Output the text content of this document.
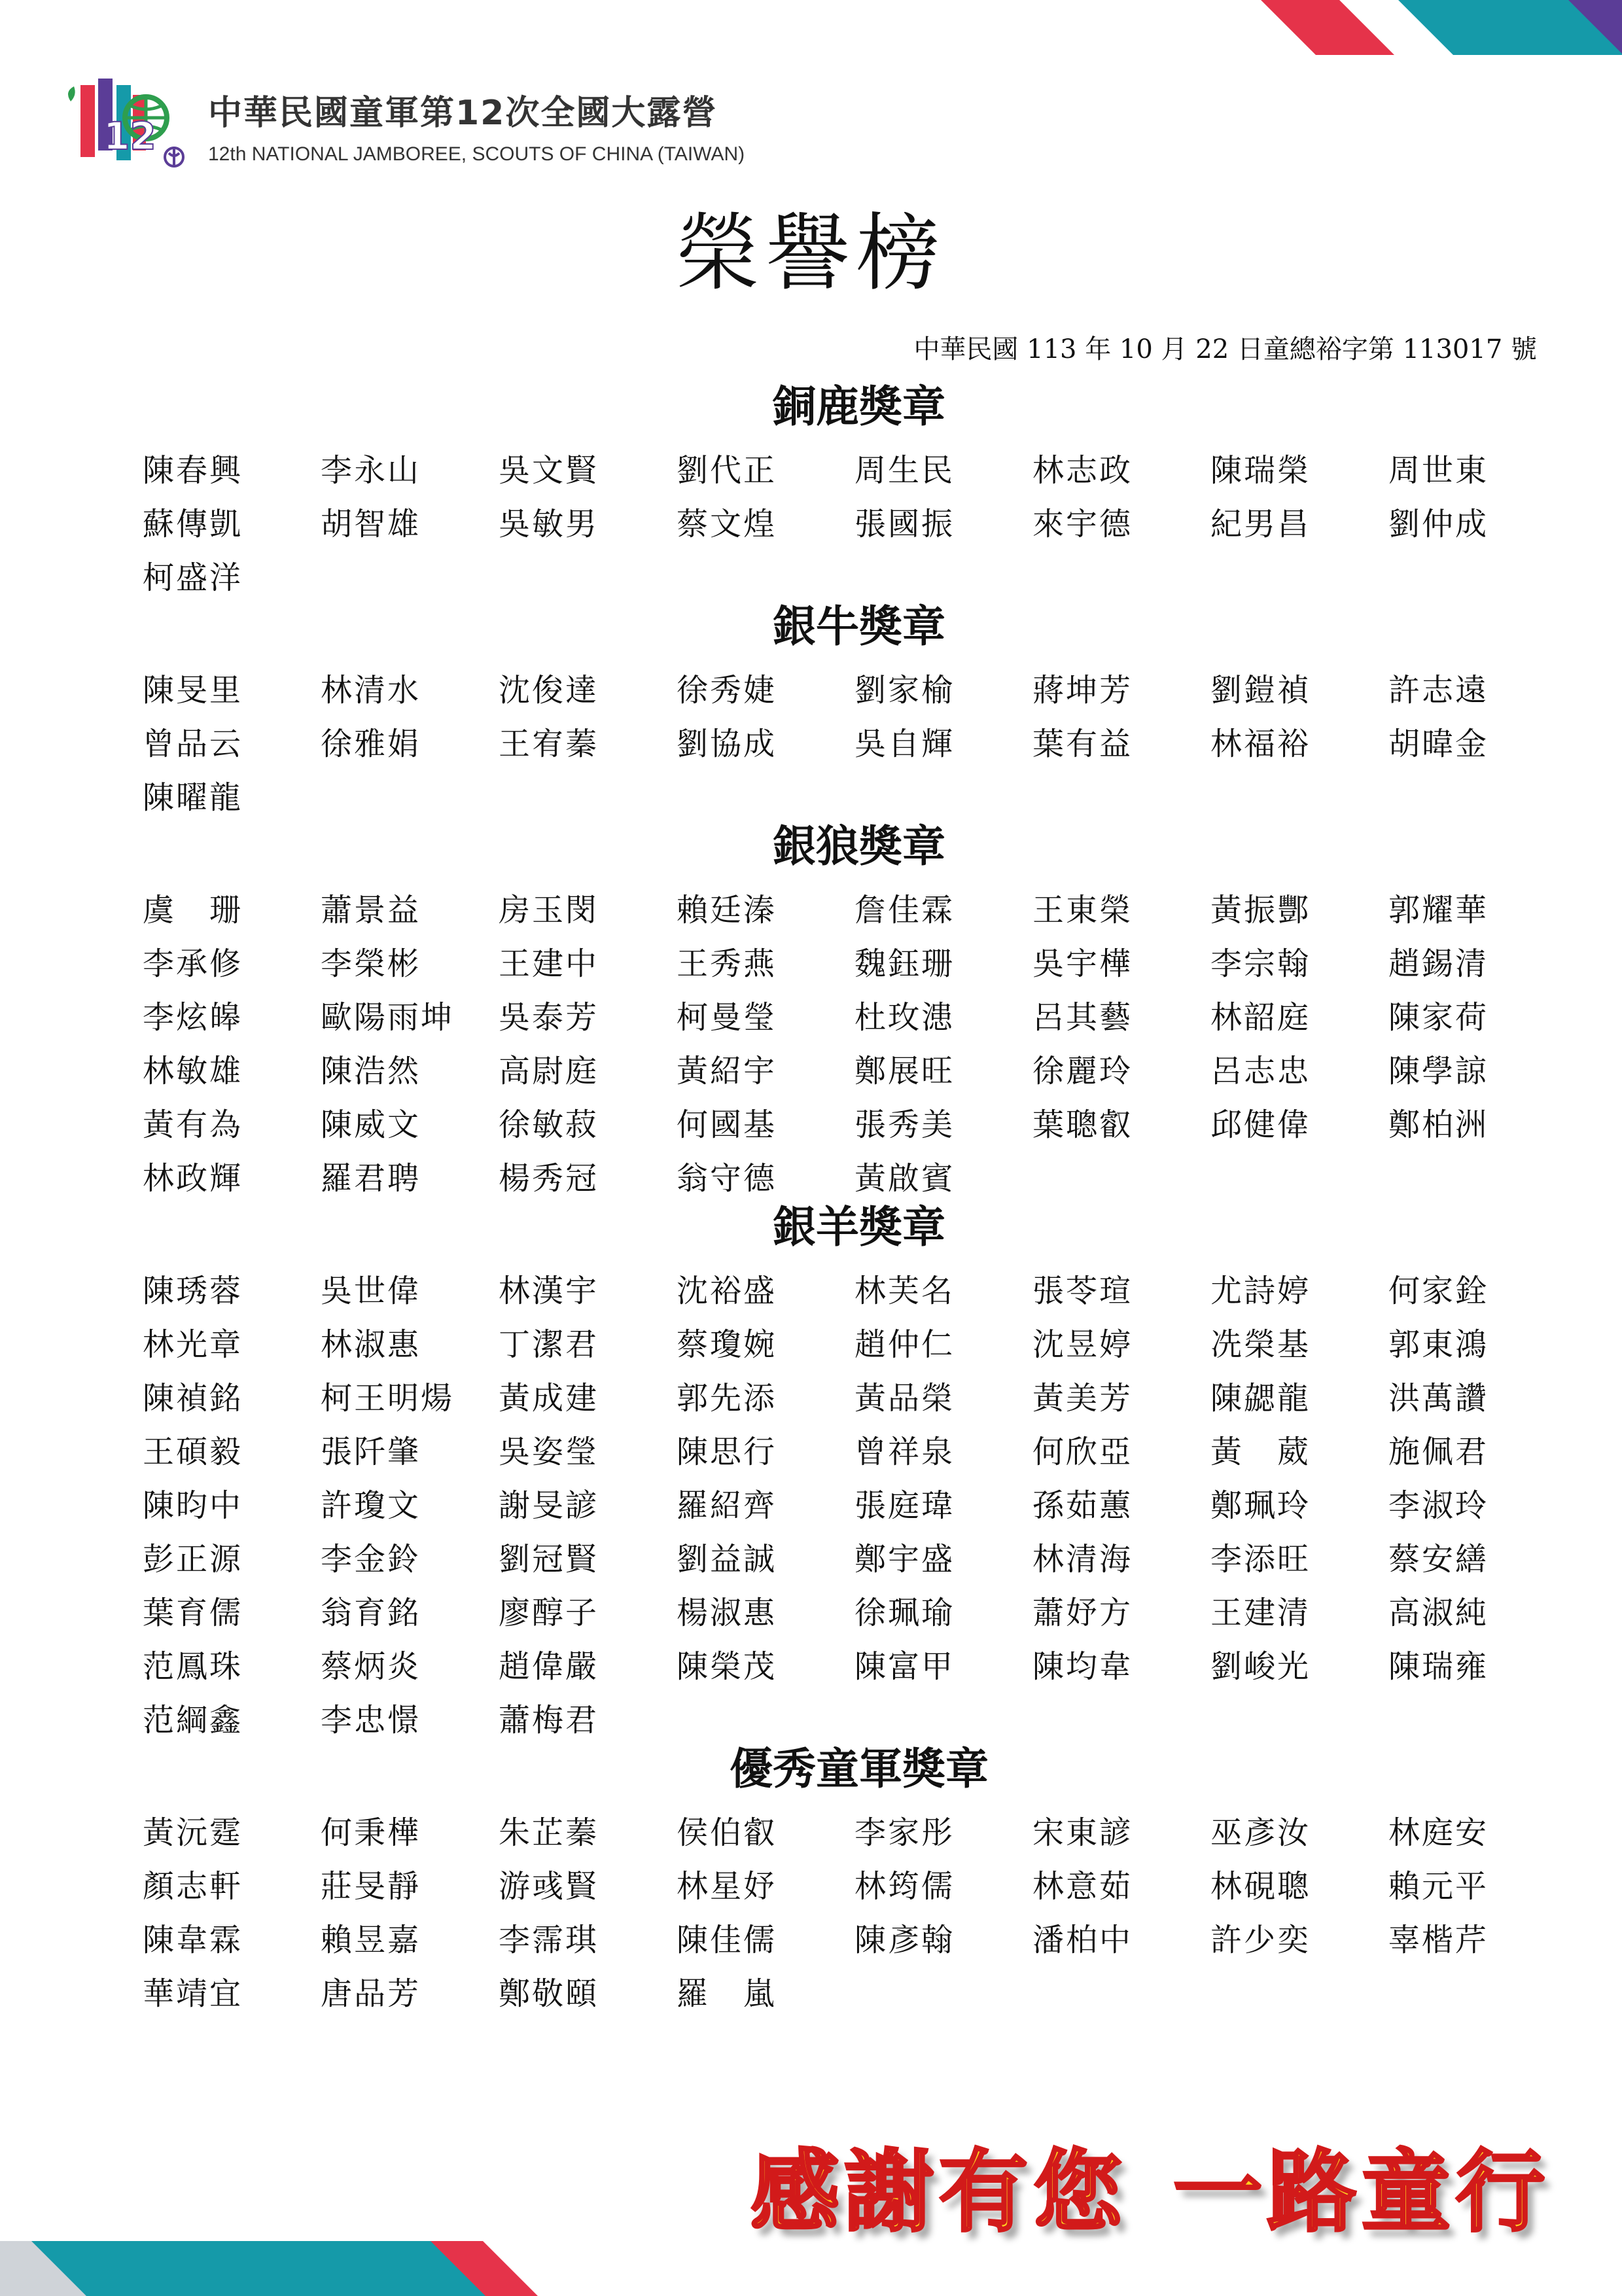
12
中華民國童軍第12次全國大露營
12th NATIONAL JAMBOREE, SCOUTS OF CHINA (TAIWAN)
榮譽榜
中華民國 113 年 10 月 22 日童總裕字第 113017 號
銅鹿獎章
陳春興	李永山	吳文賢	劉代正	周生民	林志政	陳瑞榮	周世東
蘇傳凱	胡智雄	吳敏男	蔡文煌	張國振	來宇德	紀男昌	劉仲成
柯盛洋
銀牛獎章
陳旻里	林清水	沈俊達	徐秀婕	劉家榆	蔣坤芳	劉鎧禎	許志遠
曾品云	徐雅娟	王宥蓁	劉協成	吳自輝	葉有益	林福裕	胡暐金
陳曜龍
銀狼獎章
虞　珊	蕭景益	房玉閔	賴廷溱	詹佳霖	王東榮	黃振酆	郭耀華
李承修	李榮彬	王建中	王秀燕	魏鈺珊	吳宇樺	李宗翰	趙錫清
李炫皞	歐陽雨坤	吳泰芳	柯曼瑩	杜玫漶	呂其藝	林韶庭	陳家荷
林敏雄	陳浩然	高尉庭	黃紹宇	鄭展旺	徐麗玲	呂志忠	陳學諒
黃有為	陳威文	徐敏菽	何國基	張秀美	葉聰叡	邱健偉	鄭柏洲
林政輝	羅君聘	楊秀冠	翁守德	黃啟賓
銀羊獎章
陳琇蓉	吳世偉	林漢宇	沈裕盛	林芙名	張苓瑄	尤詩婷	何家銓
林光章	林淑惠	丁潔君	蔡瓊婉	趙仲仁	沈昱婷	冼榮基	郭東鴻
陳禎銘	柯王明煬	黃成建	郭先添	黃品榮	黃美芳	陳勰龍	洪萬讚
王碩毅	張阡肇	吳姿瑩	陳思行	曾祥泉	何欣亞	黃　葳	施佩君
陳昀中	許瓊文	謝旻諺	羅紹齊	張庭瑋	孫茹蕙	鄭珮玲	李淑玲
彭正源	李金鈴	劉冠賢	劉益誠	鄭宇盛	林清海	李添旺	蔡安繕
葉育儒	翁育銘	廖醇子	楊淑惠	徐珮瑜	蕭妤方	王建清	高淑純
范鳳珠	蔡炳炎	趙偉嚴	陳榮茂	陳富甲	陳均韋	劉峻光	陳瑞雍
范綱鑫	李忠憬	蕭梅君
優秀童軍獎章
黃沅霆	何秉樺	朱芷蓁	侯伯叡	李家彤	宋東諺	巫彥汝	林庭安
顏志軒	莊旻靜	游彧賢	林星妤	林筠儒	林意茹	林硯聰	賴元平
陳韋霖	賴昱嘉	李霈琪	陳佳儒	陳彥翰	潘柏中	許少奕	辜楷芹
華靖宜	唐品芳	鄭敬頤	羅　嵐
感謝有您 一路童行
